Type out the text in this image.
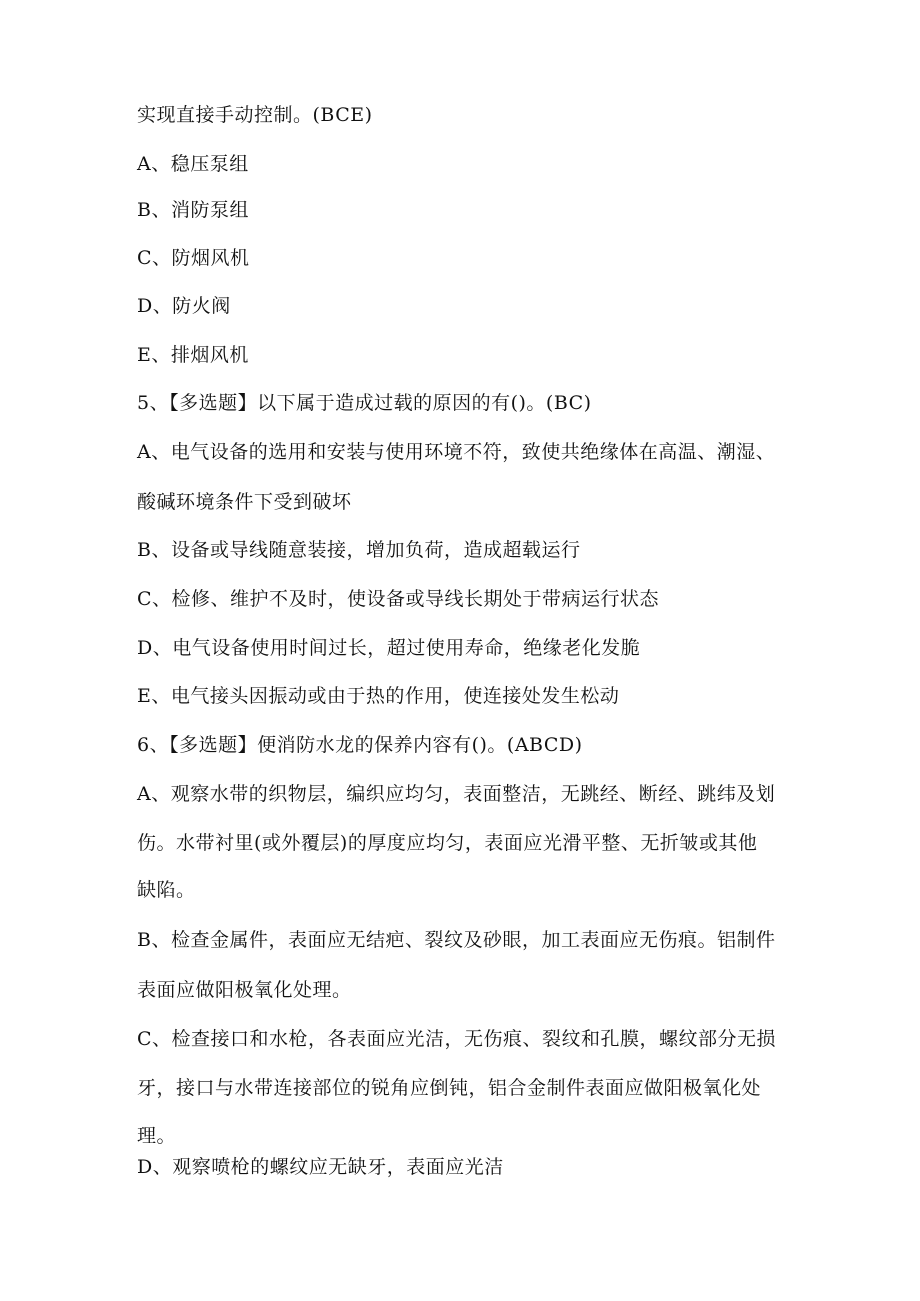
实现直接手动控制。(BCE)
A、稳压泵组
B、消防泵组
C、防烟风机
D、防火阀
E、排烟风机
5、【多选题】以下属于造成过载的原因的有()。(BC)
A、电气设备的选用和安装与使用环境不符，致使共绝缘体在高温、潮湿、
酸碱环境条件下受到破坏
B、设备或导线随意装接，增加负荷，造成超载运行
C、检修、维护不及时，使设备或导线长期处于带病运行状态
D、电气设备使用时间过长，超过使用寿命，绝缘老化发脆
E、电气接头因振动或由于热的作用，使连接处发生松动
6、【多选题】便消防水龙的保养内容有()。(ABCD)
A、观察水带的织物层，编织应均匀，表面整洁，无跳经、断经、跳纬及划
伤。水带衬里(或外覆层)的厚度应均匀，表面应光滑平整、无折皱或其他
缺陷。
B、检查金属件，表面应无结疤、裂纹及砂眼，加工表面应无伤痕。铝制件
表面应做阳极氧化处理。
C、检查接口和水枪，各表面应光洁，无伤痕、裂纹和孔膜，螺纹部分无损
牙，接口与水带连接部位的锐角应倒钝，铝合金制件表面应做阳极氧化处
理。
D、观察喷枪的螺纹应无缺牙，表面应光洁
